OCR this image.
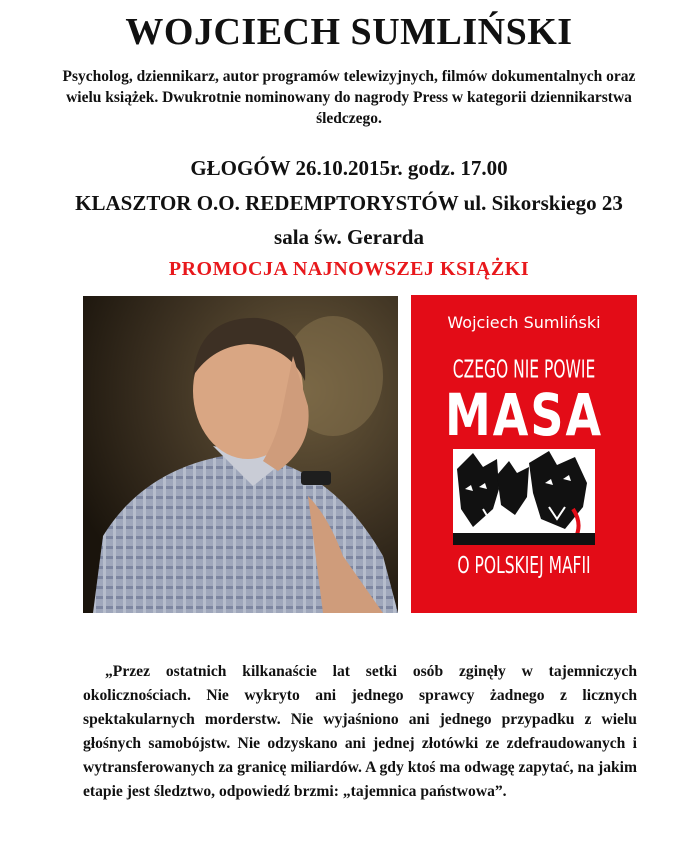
WOJCIECH SUMLIŃSKI
Psycholog, dziennikarz, autor programów telewizyjnych, filmów dokumentalnych oraz wielu książek. Dwukrotnie nominowany do nagrody Press w kategorii dziennikarstwa śledczego.
GŁOGÓW 26.10.2015r. godz. 17.00
KLASZTOR O.O. REDEMPTORYSTÓW ul. Sikorskiego 23
sala św. Gerarda
PROMOCJA NAJNOWSZEJ KSIĄŻKI
Wojciech Sumliński
CZEGO NIE POWIE
MASA
O POLSKIEJ MAFII
„Przez ostatnich kilkanaście lat setki osób zginęły w tajemniczych okolicznościach. Nie wykryto ani jednego sprawcy żadnego z licznych spektakularnych morderstw. Nie wyjaśniono ani jednego przypadku z wielu głośnych samobójstw. Nie odzyskano ani jednej złotówki ze zdefraudowanych i wytransferowanych za granicę miliardów. A gdy ktoś ma odwagę zapytać, na jakim etapie jest śledztwo, odpowiedź brzmi: „tajemnica państwowa”.
